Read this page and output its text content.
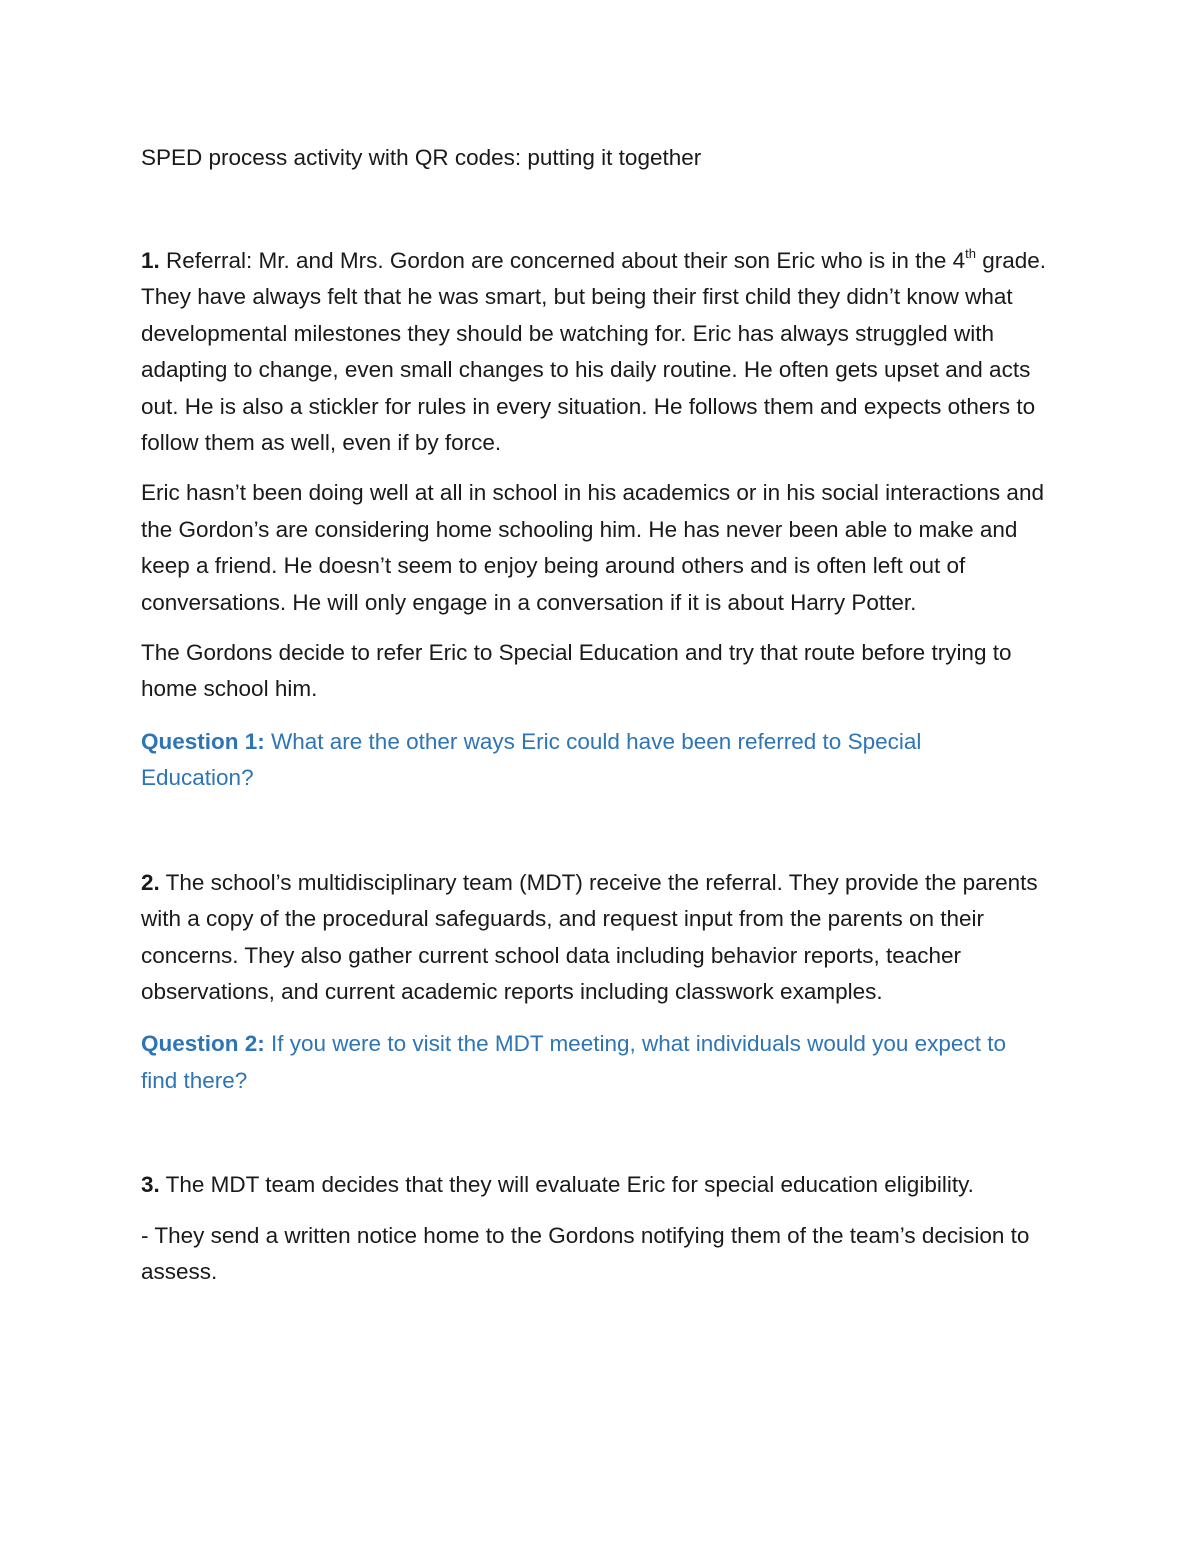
SPED process activity with QR codes: putting it together

1. Referral: Mr. and Mrs. Gordon are concerned about their son Eric who is in the 4th grade. They have always felt that he was smart, but being their first child they didn’t know what developmental milestones they should be watching for. Eric has always struggled with adapting to change, even small changes to his daily routine. He often gets upset and acts out. He is also a stickler for rules in every situation. He follows them and expects others to follow them as well, even if by force.

Eric hasn’t been doing well at all in school in his academics or in his social interactions and the Gordon’s are considering home schooling him. He has never been able to make and keep a friend. He doesn’t seem to enjoy being around others and is often left out of conversations. He will only engage in a conversation if it is about Harry Potter.

The Gordons decide to refer Eric to Special Education and try that route before trying to home school him.

Question 1: What are the other ways Eric could have been referred to Special Education?

2. The school’s multidisciplinary team (MDT) receive the referral. They provide the parents with a copy of the procedural safeguards, and request input from the parents on their concerns. They also gather current school data including behavior reports, teacher observations, and current academic reports including classwork examples.

Question 2: If you were to visit the MDT meeting, what individuals would you expect to find there?

3. The MDT team decides that they will evaluate Eric for special education eligibility.

- They send a written notice home to the Gordons notifying them of the team’s decision to assess.
